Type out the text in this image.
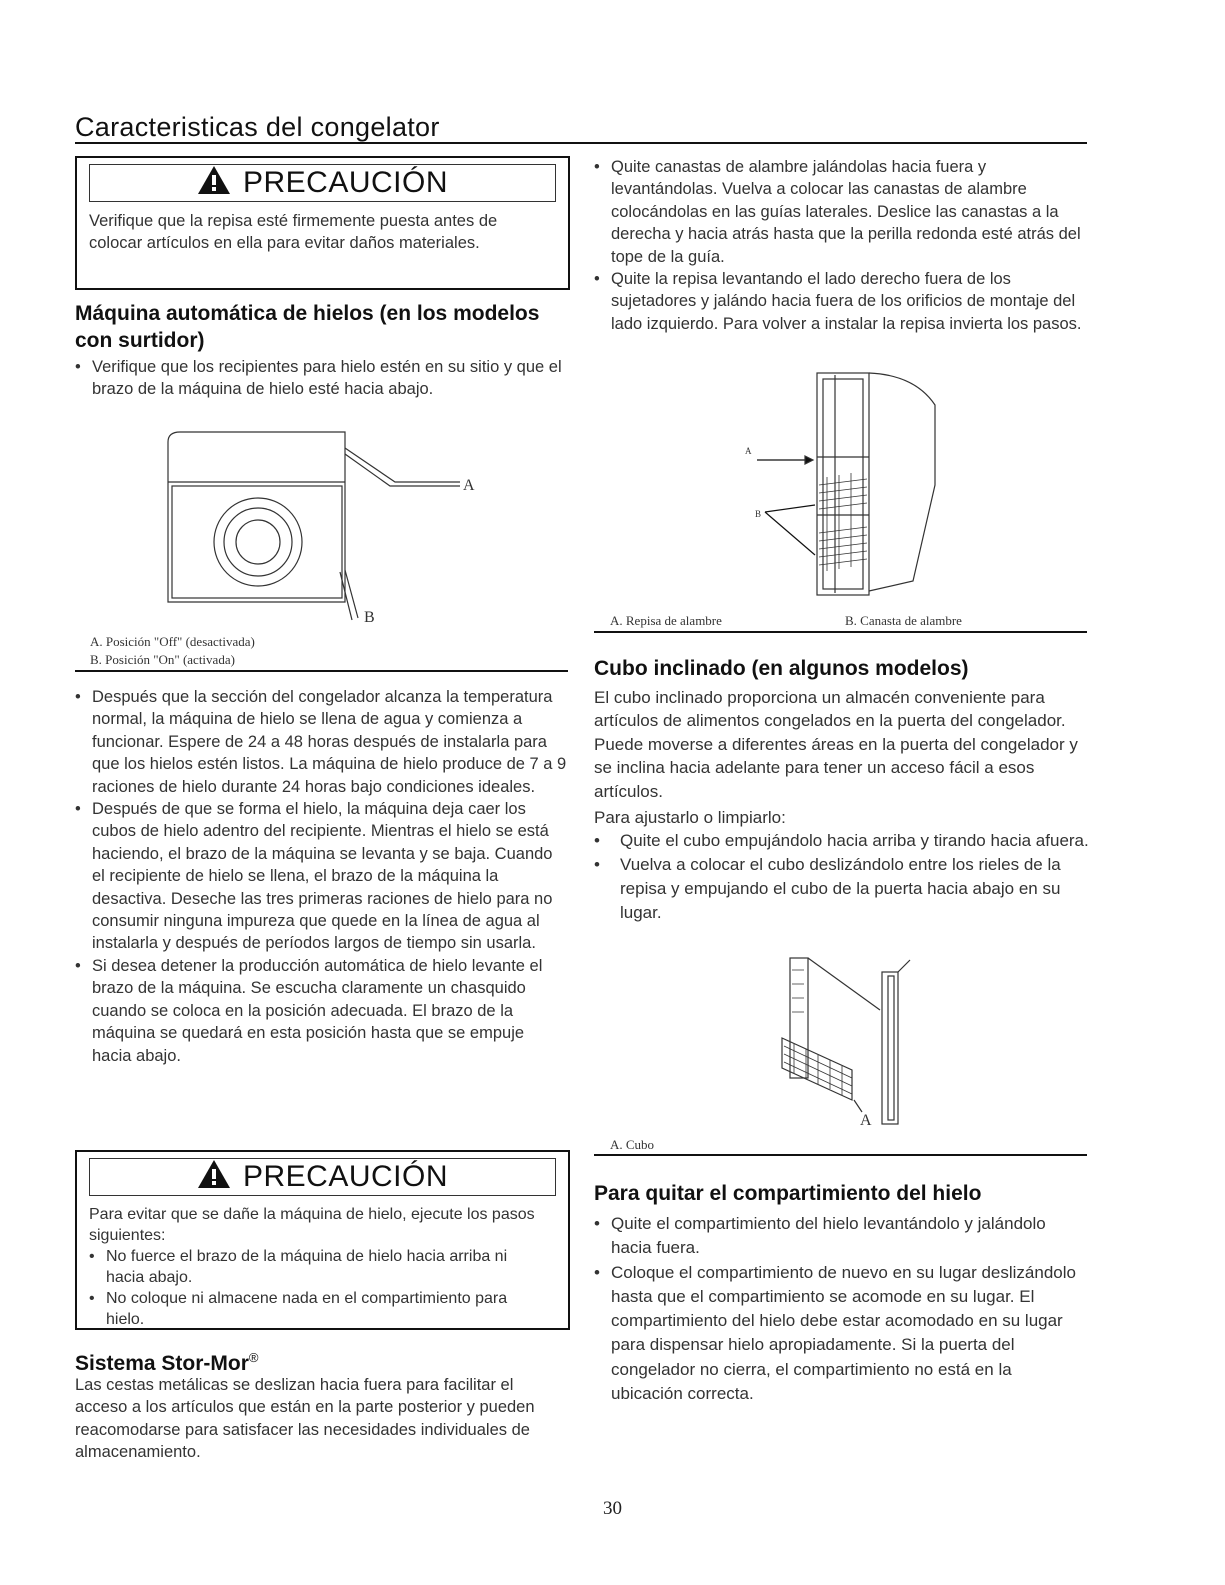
Caracteristicas del congelator
PRECAUCIÓN
Verifique que la repisa esté firmemente puesta antes de colocar artículos en ella para evitar daños materiales.
Máquina automática de hielos (en los modelos con surtidor)
• Verifique que los recipientes para hielo estén en su sitio y que el brazo de la máquina de hielo esté hacia abajo.
A
B
A. Posición "Off" (desactivada)
B. Posición "On" (activada)
• Después que la sección del congelador alcanza la temperatura normal, la máquina de hielo se llena de agua y comienza a funcionar. Espere de 24 a 48 horas después de instalarla para que los hielos estén listos. La máquina de hielo produce de 7 a 9 raciones de hielo durante 24 horas bajo condiciones ideales.
• Después de que se forma el hielo, la máquina deja caer los cubos de hielo adentro del recipiente. Mientras el hielo se está haciendo, el brazo de la máquina se levanta y se baja. Cuando el recipiente de hielo se llena, el brazo de la máquina la desactiva. Deseche las tres primeras raciones de hielo para no consumir ninguna impureza que quede en la línea de agua al instalarla y después de períodos largos de tiempo sin usarla.
• Si desea detener la producción automática de hielo levante el brazo de la máquina. Se escucha claramente un chasquido cuando se coloca en la posición adecuada. El brazo de la máquina se quedará en esta posición hasta que se empuje hacia abajo.
PRECAUCIÓN
Para evitar que se dañe la máquina de hielo, ejecute los pasos siguientes:
• No fuerce el brazo de la máquina de hielo hacia arriba ni hacia abajo.
• No coloque ni almacene nada en el compartimiento para hielo.
Sistema Stor-Mor®
Las cestas metálicas se deslizan hacia fuera para facilitar el acceso a los artículos que están en la parte posterior y pueden reacomodarse para satisfacer las necesidades individuales de almacenamiento.
• Quite canastas de alambre jalándolas hacia fuera y levantándolas. Vuelva a colocar las canastas de alambre colocándolas en las guías laterales. Deslice las canastas a la derecha y hacia atrás hasta que la perilla redonda esté atrás del tope de la guía.
• Quite la repisa levantando el lado derecho fuera de los sujetadores y jalándo hacia fuera de los orificios de montaje del lado izquierdo. Para volver a instalar la repisa invierta los pasos.
A
B
A. Repisa de alambre	B. Canasta de alambre
Cubo inclinado (en algunos modelos)
El cubo inclinado proporciona un almacén conveniente para artículos de alimentos congelados en la puerta del congelador. Puede moverse a diferentes áreas en la puerta del congelador y se inclina hacia adelante para tener un acceso fácil a esos artículos.
Para ajustarlo o limpiarlo:
• Quite el cubo empujándolo hacia arriba y tirando hacia afuera.
• Vuelva a colocar el cubo deslizándolo entre los rieles de la repisa y empujando el cubo de la puerta hacia abajo en su lugar.
A
A. Cubo
Para quitar el compartimiento del hielo
• Quite el compartimiento del hielo levantándolo y jalándolo hacia fuera.
• Coloque el compartimiento de nuevo en su lugar deslizándolo hasta que el compartimiento se acomode en su lugar. El compartimiento del hielo debe estar acomodado en su lugar para dispensar hielo apropiadamente. Si la puerta del congelador no cierra, el compartimiento no está en la ubicación correcta.
30
